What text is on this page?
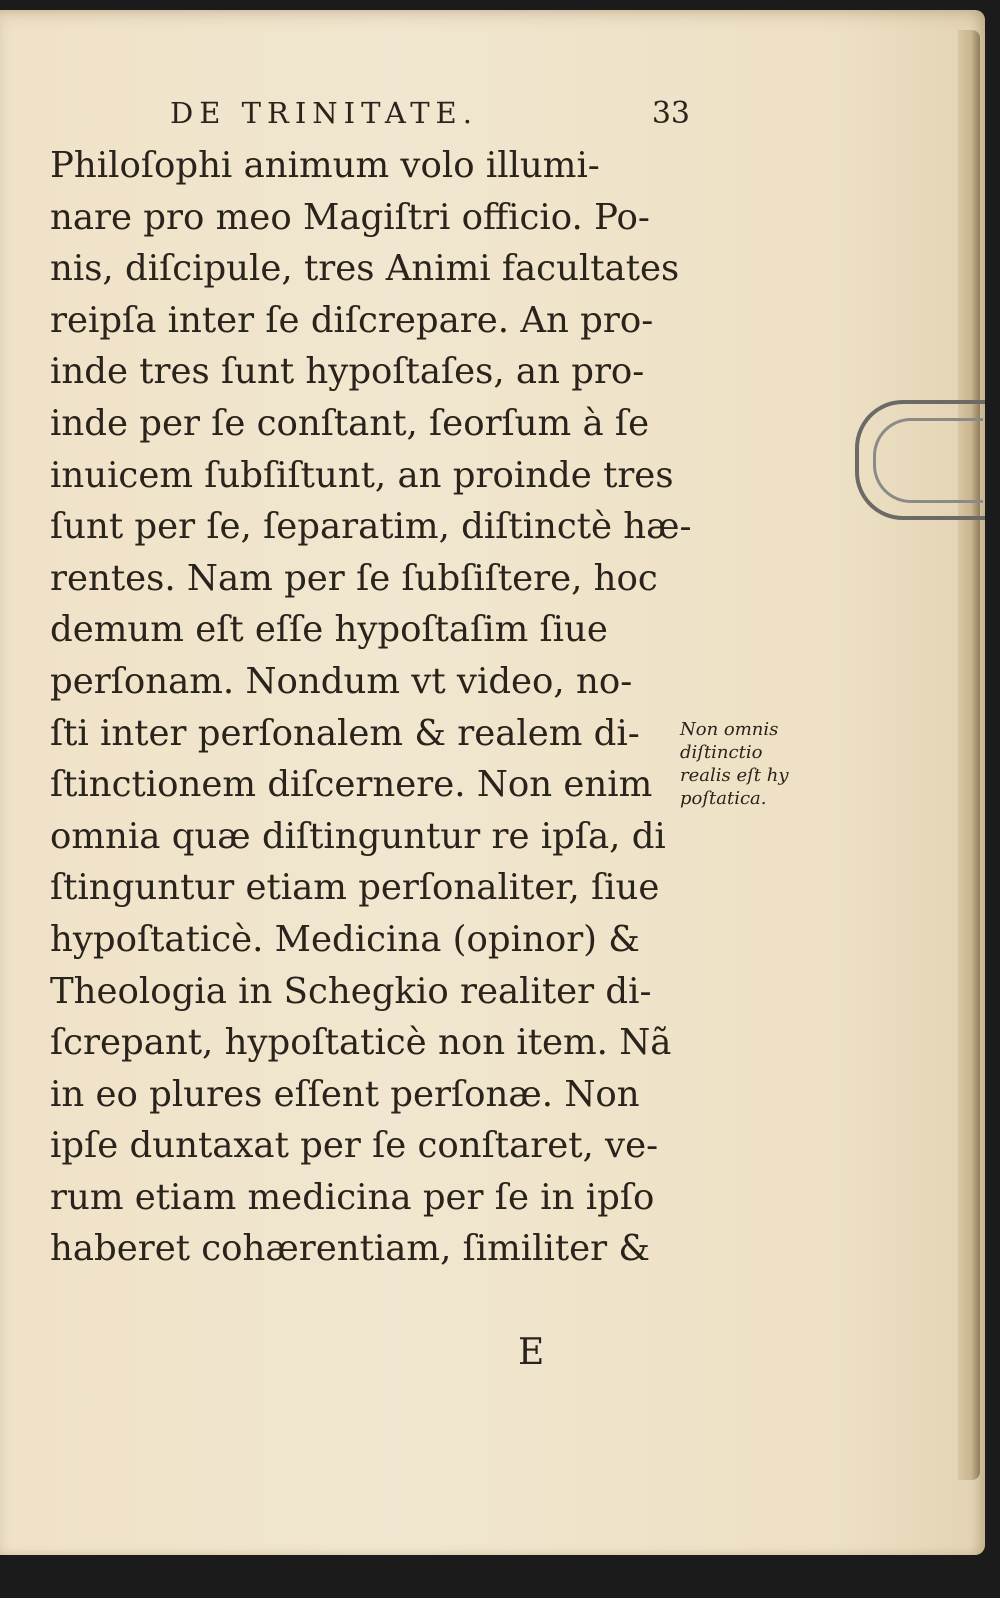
DE TRINITATE.	33
Philoſophi animum volo illumi-
nare pro meo Magiſtri officio. Po-
nis, diſcipule, tres Animi facultates
reipſa inter ſe diſcrepare. An pro-
inde tres ſunt hypoſtaſes, an pro-
inde per ſe conſtant, ſeorſum à ſe
inuicem ſubſiſtunt, an proinde tres
ſunt per ſe, ſeparatim, diſtinctè hæ-
rentes. Nam per ſe ſubſiſtere, hoc
demum eſt eſſe hypoſtaſim ſiue
perſonam. Nondum vt video, no-
ſti inter perſonalem & realem di-
ſtinctionem diſcernere. Non enim
omnia quæ diſtinguntur re ipſa, di
ſtinguntur etiam perſonaliter, ſiue
hypoſtaticè. Medicina (opinor) &
Theologia in Schegkio realiter di-
ſcrepant, hypoſtaticè non item. Nã
in eo plures eſſent perſonæ. Non
ipſe duntaxat per ſe conſtaret, ve-
rum etiam medicina per ſe in ipſo
haberet cohærentiam, ſimiliter &
Non omnis
diſtinctio
realis eſt hy
poſtatica.
E
